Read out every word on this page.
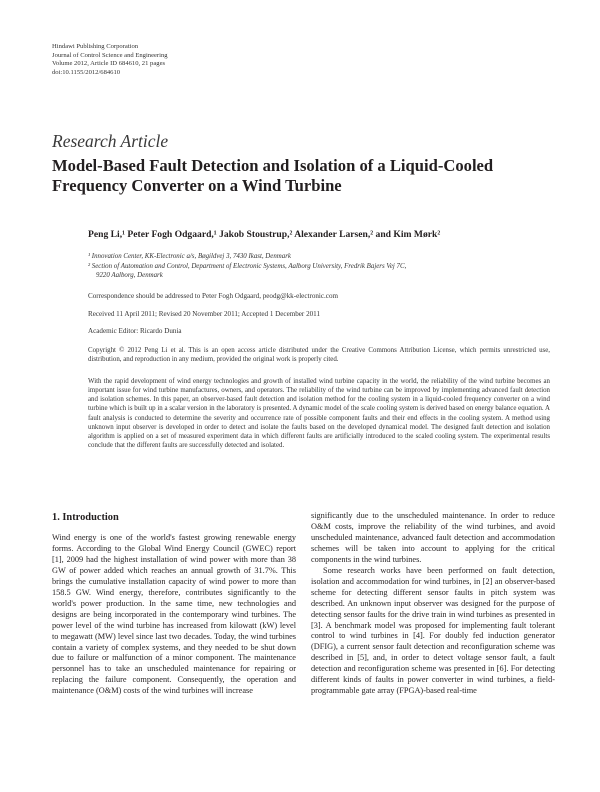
Hindawi Publishing Corporation
Journal of Control Science and Engineering
Volume 2012, Article ID 684610, 21 pages
doi:10.1155/2012/684610
Research Article
Model-Based Fault Detection and Isolation of a Liquid-Cooled Frequency Converter on a Wind Turbine
Peng Li,¹ Peter Fogh Odgaard,¹ Jakob Stoustrup,² Alexander Larsen,² and Kim Mørk²
¹ Innovation Center, KK-Electronic a/s, Bøgildvej 3, 7430 Ikast, Denmark
² Section of Automation and Control, Department of Electronic Systems, Aalborg University, Fredrik Bajers Vej 7C,
9220 Aalborg, Denmark
Correspondence should be addressed to Peter Fogh Odgaard, peodg@kk-electronic.com
Received 11 April 2011; Revised 20 November 2011; Accepted 1 December 2011
Academic Editor: Ricardo Dunia
Copyright © 2012 Peng Li et al. This is an open access article distributed under the Creative Commons Attribution License, which permits unrestricted use, distribution, and reproduction in any medium, provided the original work is properly cited.
With the rapid development of wind energy technologies and growth of installed wind turbine capacity in the world, the reliability of the wind turbine becomes an important issue for wind turbine manufactures, owners, and operators. The reliability of the wind turbine can be improved by implementing advanced fault detection and isolation schemes. In this paper, an observer-based fault detection and isolation method for the cooling system in a liquid-cooled frequency converter on a wind turbine which is built up in a scalar version in the laboratory is presented. A dynamic model of the scale cooling system is derived based on energy balance equation. A fault analysis is conducted to determine the severity and occurrence rate of possible component faults and their end effects in the cooling system. A method using unknown input observer is developed in order to detect and isolate the faults based on the developed dynamical model. The designed fault detection and isolation algorithm is applied on a set of measured experiment data in which different faults are artificially introduced to the scaled cooling system. The experimental results conclude that the different faults are successfully detected and isolated.
1. Introduction

Wind energy is one of the world's fastest growing renewable energy forms. According to the Global Wind Energy Council (GWEC) report [1], 2009 had the highest installation of wind power with more than 38 GW of power added which reaches an annual growth of 31.7%. This brings the cumulative installation capacity of wind power to more than 158.5 GW. Wind energy, therefore, contributes significantly to the world's power production. In the same time, new technologies and designs are being incorporated in the contemporary wind turbines. The power level of the wind turbine has increased from kilowatt (kW) level to megawatt (MW) level since last two decades. Today, the wind turbines contain a variety of complex systems, and they needed to be shut down due to failure or malfunction of a minor component. The maintenance personnel has to take an unscheduled maintenance for repairing or replacing the failure component. Consequently, the operation and maintenance (O&M) costs of the wind turbines will increase

significantly due to the unscheduled maintenance. In order to reduce O&M costs, improve the reliability of the wind turbines, and avoid unscheduled maintenance, advanced fault detection and accommodation schemes will be taken into account to applying for the critical components in the wind turbines.

Some research works have been performed on fault detection, isolation and accommodation for wind turbines, in [2] an observer-based scheme for detecting different sensor faults in pitch system was described. An unknown input observer was designed for the purpose of detecting sensor faults for the drive train in wind turbines as presented in [3]. A benchmark model was proposed for implementing fault tolerant control to wind turbines in [4]. For doubly fed induction generator (DFIG), a current sensor fault detection and reconfiguration scheme was described in [5], and, in order to detect voltage sensor fault, a fault detection and reconfiguration scheme was presented in [6]. For detecting different kinds of faults in power converter in wind turbines, a field-programmable gate array (FPGA)-based real-time
